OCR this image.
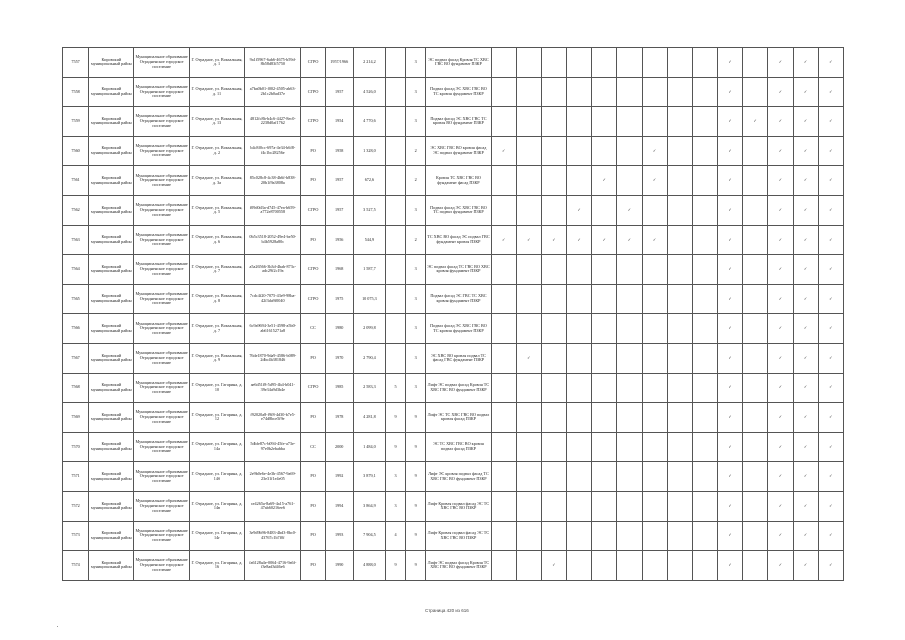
7557	Кировский муниципальный район	Муниципальное образование Отрадненское городское поселение	Г. Отрадное, ул. Вокзальная, д. 1	9a1f5967-6ab6-4675-b59d-8b58d83f5750	СГРО	1957/1966	2 214,2		3	ЭС подвал фасад Кровля ТС ХВС ГВС ВО фундамент ПЗКР										✓		✓	✓	✓
7558	Кировский муниципальный район	Муниципальное образование Отрадненское городское поселение	Г. Отрадное, ул. Вокзальная, д. 11	a7ba0b01-f002-4505-ab63-2b1c2b0ad37e	СГРО	1957	4 526,0		3	Подвал фасад ЭС ХВС ГВС ВО ТС кровля фундамент ПЗКР										✓		✓	✓	✓
7559	Кировский муниципальный район	Муниципальное образование Отрадненское городское поселение	Г. Отрадное, ул. Вокзальная, д. 13	4812fc8b-b4c6-4427-8ec0-2238d0af1762	СГРО	1954	4 770,6		3	Подвал фасад ЭС ХВС ГВС ТС кровля ВО фундамент ПЗКР										✓	✓	✓	✓	✓
7560	Кировский муниципальный район	Муниципальное образование Отрадненское городское поселение	Г. Отрадное, ул. Вокзальная, д. 2	b4c8f0cc-697a-4e34-b6f8-f4c1bc28256e	РО	1958	1 328,0		2	ЭС ХВС ГВС ВО кровля фасад ЭС подвал фундамент ПЗКР	✓						✓			✓		✓	✓	✓
7561	Кировский муниципальный район	Муниципальное образование Отрадненское городское поселение	Г. Отрадное, ул. Вокзальная, д. 3а	85c028c8-4c38-4b6f-b838-20b1f9a3808a	РО	1957	672,6		2	Кровля ТС ХВС ГВС ВО фундамент фасад ПЗКР					✓		✓			✓		✓	✓	✓
7562	Кировский муниципальный район	Муниципальное образование Отрадненское городское поселение	Г. Отрадное, ул. Вокзальная, д. 5	f09d0d3a-d745-47ea-b659-a772e8700558	СГРО	1957	3 527,5		3	Подвал фасад ЭС ХВС ГВС ВО ТС подвал фундамент ПЗКР				✓		✓				✓		✓	✓	✓
7563	Кировский муниципальный район	Муниципальное образование Отрадненское городское поселение	Г. Отрадное, ул. Вокзальная, д. 6	0b5c3518-2052-49e4-be50-b4b5928a80c	РО	1956	544,9		2	ТС ХВС ВО фасад ЭС подвал ГВС фундамент кровля ПЗКР	✓	✓	✓	✓	✓	✓	✓			✓		✓	✓	✓
7564	Кировский муниципальный район	Муниципальное образование Отрадненское городское поселение	Г. Отрадное, ул. Вокзальная, д. 7	a5a26566-3b3d-4bab-873c-adc29f2c19a	СГРО	1968	1 587,7		3	ЭС подвал фасад ТС ГВС ВО ХВС кровля фундамент ПЗКР										✓		✓	✓	✓
7565	Кировский муниципальный район	Муниципальное образование Отрадненское городское поселение	Г. Отрадное, ул. Вокзальная, д. 8	7cdc4f20-7075-43e9-98ba-42f3da9f0040	СГРО	1975	10 075,3		3	Подвал фасад ЭС ГВС ТС ХВС кровля фундамент ПЗКР										✓		✓	✓	✓
7566	Кировский муниципальный район	Муниципальное образование Отрадненское городское поселение	Г. Отрадное, ул. Вокзальная, д. 7	6c9a9694-3e51-4598-a5b0-ab61615271a8	СС	1980	2 099,8		3	Подвал фасад ЭС ХВС ГВС ВО ТС кровля фундамент ПЗКР										✓		✓	✓	✓
7567	Кировский муниципальный район	Муниципальное образование Отрадненское городское поселение	Г. Отрадное, ул. Вокзальная, д. 9	76de1870-9da9-4586-b089-2dbc4b381846	РО	1970	2 790,4		3	ЭС ХВС ВО кровля подвал ТС фасад ГВС фундамент ПЗКР		✓								✓		✓	✓	✓
7568	Кировский муниципальный район	Муниципальное образование Отрадненское городское поселение	Г. Отрадное, ул. Гагарина, д. 10	ae6d51f8-5d95-4b4-b041-39e34a9d3b4e	СГРО	1985	2 583,3	5	3	Лифт ЭС подвал фасад Кровля ТС ХВС ГВС ВО фундамент ПЗКР										✓		✓	✓	✓
7569	Кировский муниципальный район	Муниципальное образование Отрадненское городское поселение	Г. Отрадное, ул. Гагарина, д. 12	f92020a8-f9f8-4d30-b7e5-e74d8bce5f9e	РО	1978	4 281,8	9	9	Лифт ЭС ТС ХВС ГВС ВО подвал кровля фасад ПЗКР										✓		✓	✓	✓
7570	Кировский муниципальный район	Муниципальное образование Отрадненское городское поселение	Г. Отрадное, ул. Гагарина, д. 14а	5dbfe87c-b094-45fe-a73e-97e0b2ebabba	СС	2000	1 484,0	9	9	ЭС ТС ХВС ГВС ВО кровля подвал фасад ПЗКР										✓		✓	✓	✓
7571	Кировский муниципальный район	Муниципальное образование Отрадненское городское поселение	Г. Отрадное, ул. Гагарина, д. 14б	2e9b0e6e-4e3b-4567-9a69-23e31f1e4e05	РО	1992	3 879,1	3	9	Лифт ЭС кровля подвал фасад ТС ХВС ГВС ВО фундамент ПЗКР										✓		✓	✓	✓
7572	Кировский муниципальный район	Муниципальное образование Отрадненское городское поселение	Г. Отрадное, ул. Гагарина, д. 14в	ce4265a-8a69-4a15-a761-47ab60216ee6	РО	1994	3 864,9	3	9	Лифт Кровля подвал фасад ЭС ТС ХВС ГВС ВО ПЗКР										✓		✓	✓	✓
7573	Кировский муниципальный район	Муниципальное образование Отрадненское городское поселение	Г. Отрадное, ул. Гагарина, д. 14г	3e9d9b96-8483-4bd3-8bc0-43767c1b7f0f	РО	1993	7 904,5	4	9	Лифт Кровля подвал фасад ЭС ТС ХВС ГВС ВО ПЗКР										✓		✓	✓	✓
7574	Кировский муниципальный район	Муниципальное образование Отрадненское городское поселение	Г. Отрадное, ул. Гагарина, д. 16	fa6128a4e-0064-4716-9a6f-f3e8ad3d46e6	РО	1990	4 888,0	9	9	Лифт ЭС подвал фасад Кровля ТС ХВС ГВС ВО фундамент ПЗКР			✓							✓		✓	✓	✓
Страница 420 из 616
